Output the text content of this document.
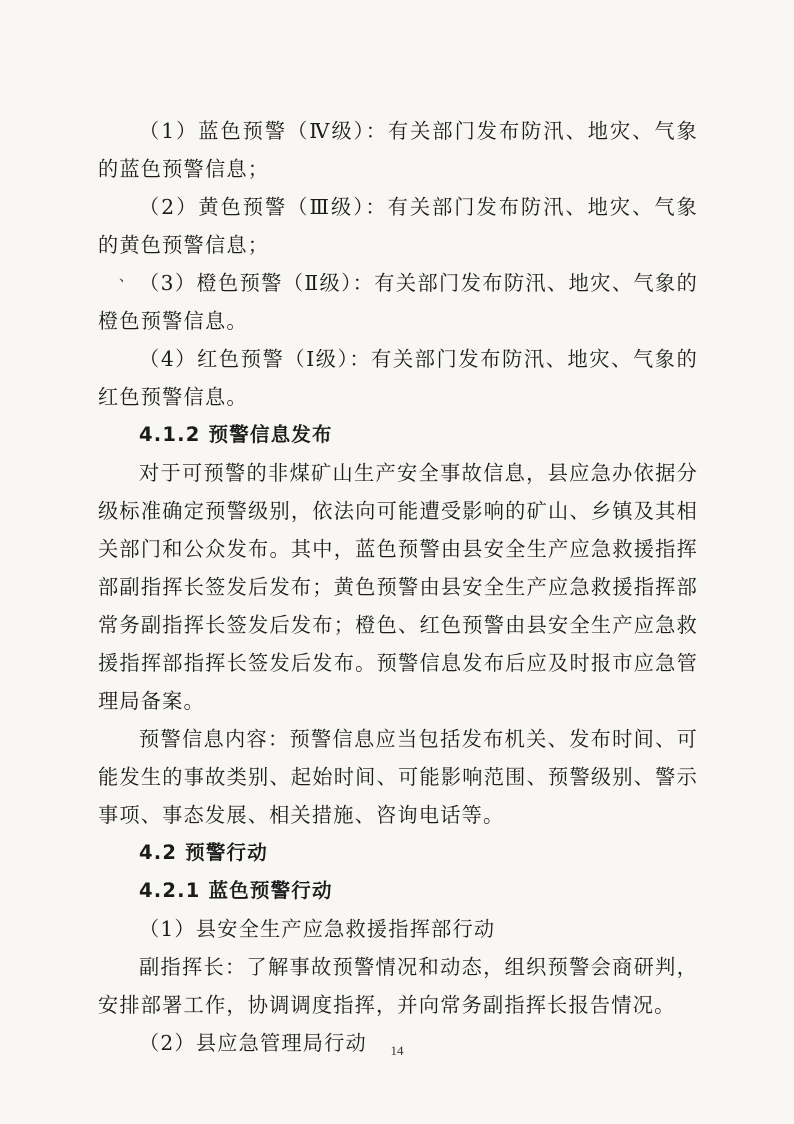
、

（1）蓝色预警（Ⅳ级）：有关部门发布防汛、地灾、气象的蓝色预警信息；

（2）黄色预警（Ⅲ级）：有关部门发布防汛、地灾、气象的黄色预警信息；

（3）橙色预警（Ⅱ级）：有关部门发布防汛、地灾、气象的橙色预警信息。

（4）红色预警（Ⅰ级）：有关部门发布防汛、地灾、气象的红色预警信息。

4.1.2 预警信息发布

对于可预警的非煤矿山生产安全事故信息，县应急办依据分级标准确定预警级别，依法向可能遭受影响的矿山、乡镇及其相关部门和公众发布。其中，蓝色预警由县安全生产应急救援指挥部副指挥长签发后发布；黄色预警由县安全生产应急救援指挥部常务副指挥长签发后发布；橙色、红色预警由县安全生产应急救援指挥部指挥长签发后发布。预警信息发布后应及时报市应急管理局备案。

预警信息内容：预警信息应当包括发布机关、发布时间、可能发生的事故类别、起始时间、可能影响范围、预警级别、警示事项、事态发展、相关措施、咨询电话等。

4.2 预警行动

4.2.1 蓝色预警行动

（1）县安全生产应急救援指挥部行动

副指挥长：了解事故预警情况和动态，组织预警会商研判，安排部署工作，协调调度指挥，并向常务副指挥长报告情况。

（2）县应急管理局行动	14
